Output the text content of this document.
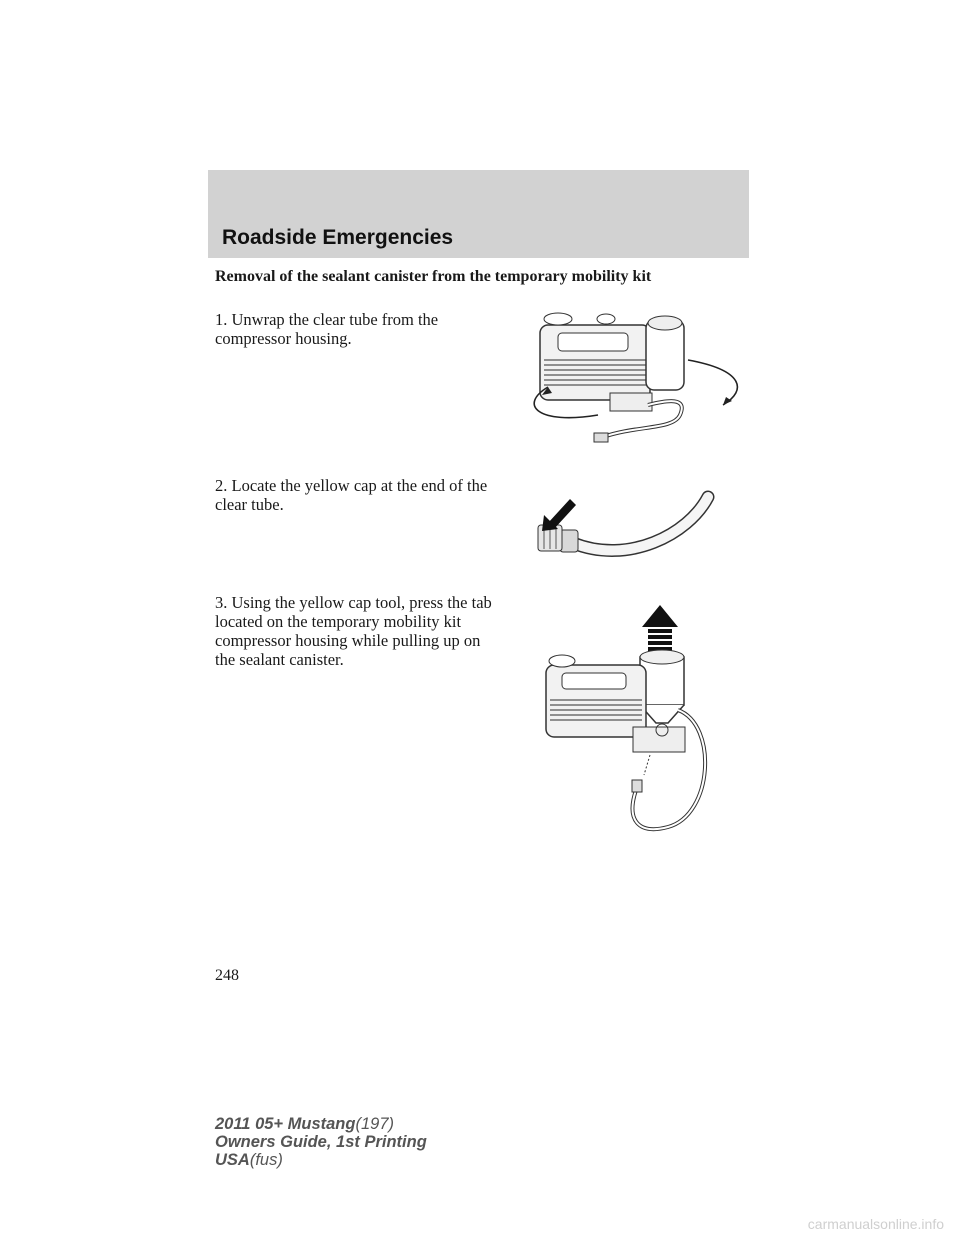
Roadside Emergencies

Removal of the sealant canister from the temporary mobility kit

1. Unwrap the clear tube from the compressor housing.

2. Locate the yellow cap at the end of the clear tube.

3. Using the yellow cap tool, press the tab located on the temporary mobility kit compressor housing while pulling up on the sealant canister.

248

2011 05+ Mustang(197)
Owners Guide, 1st Printing
USA(fus)

carmanualsonline.info
